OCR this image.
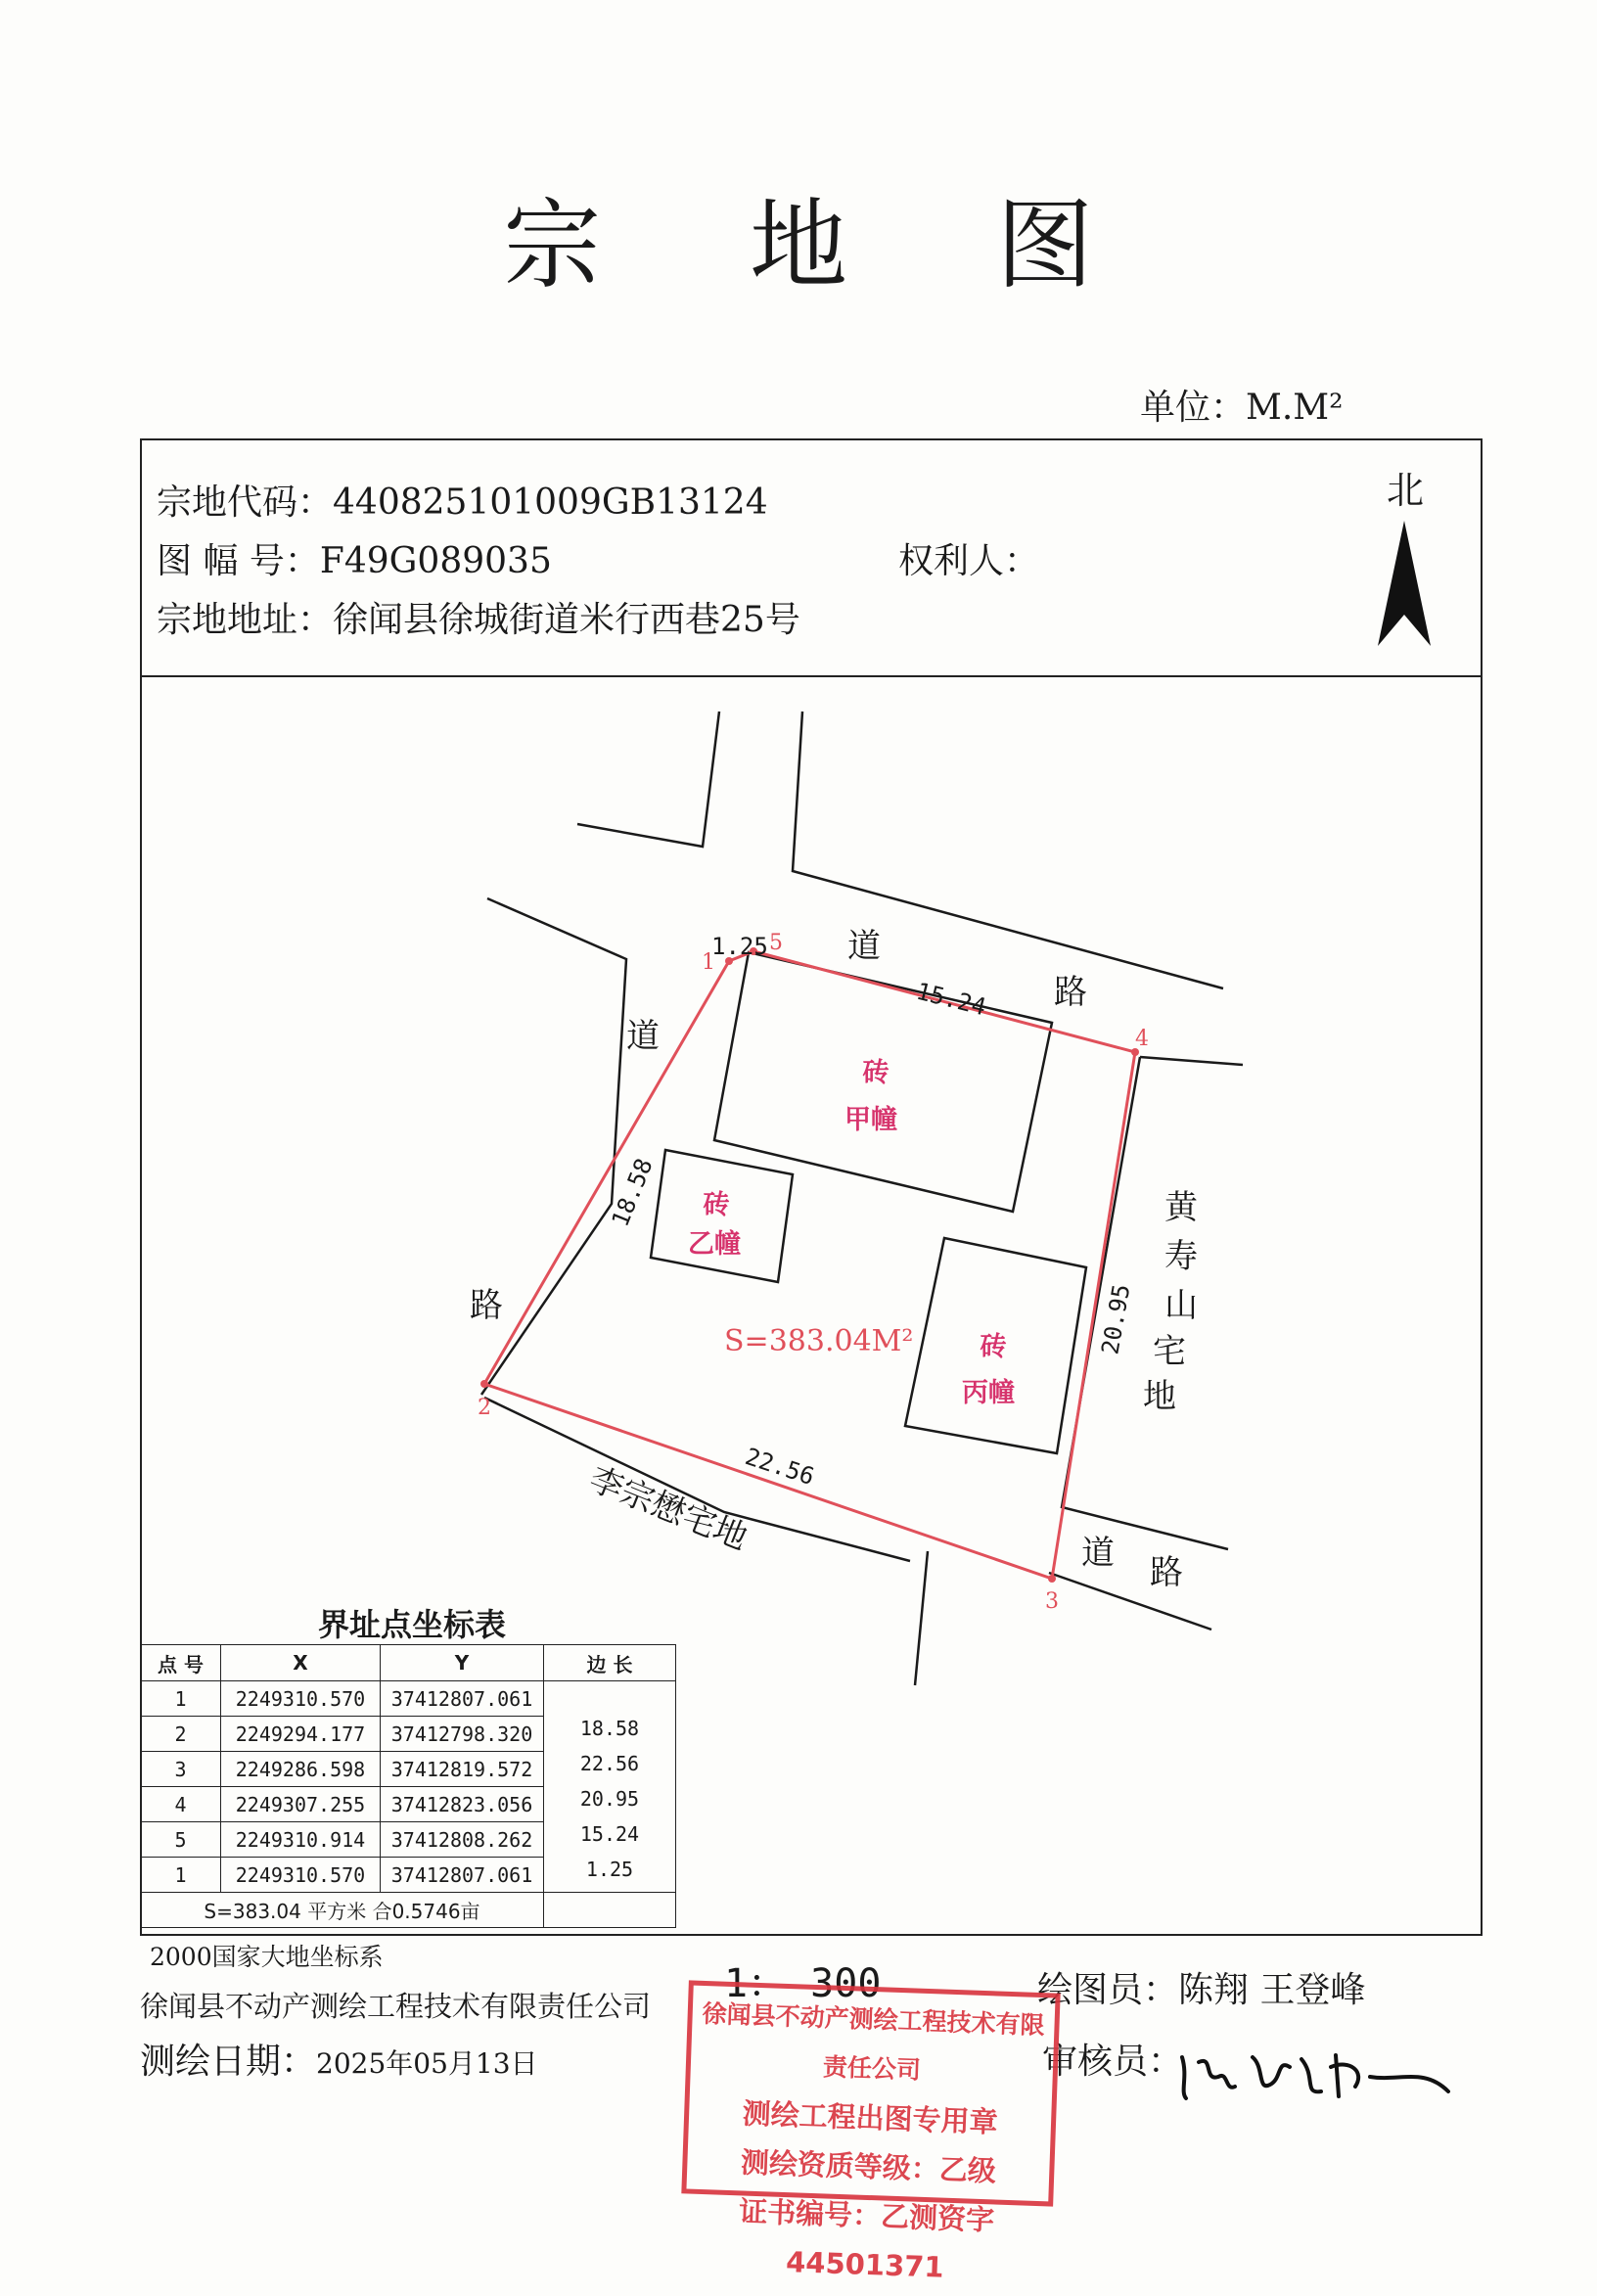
宗 地 图
单位：M.M²
宗地代码：440825101009GB13124
图 幅 号：F49G089035	权利人：
宗地地址：徐闻县徐城街道米行西巷25号
北
道
路
道
路
道 路
黄
寿
山
宅
地
李宗懋宅地
砖
甲幢
砖
乙幢
砖
丙幢
S=383.04M²
1.25
15.24
18.58
20.95
22.56
1
5
4
2
3
界址点坐标表
点 号	X	Y	边 长
1	2249310.570	37412807.061	
2	2249294.177	37412798.320	18.58
3	2249286.598	37412819.572	22.56
4	2249307.255	37412823.056	20.95
5	2249310.914	37412808.262	15.24
1	2249310.570	37412807.061	1.25
S=383.04 平方米 合0.5746亩			
2000国家大地坐标系
徐闻县不动产测绘工程技术有限责任公司 1： 300	绘图员：陈翔 王登峰
测绘日期：2025年05月13日	审核员：
徐闻县不动产测绘工程技术有限责任公司
测绘工程出图专用章
测绘资质等级：乙级
证书编号：乙测资字44501371
